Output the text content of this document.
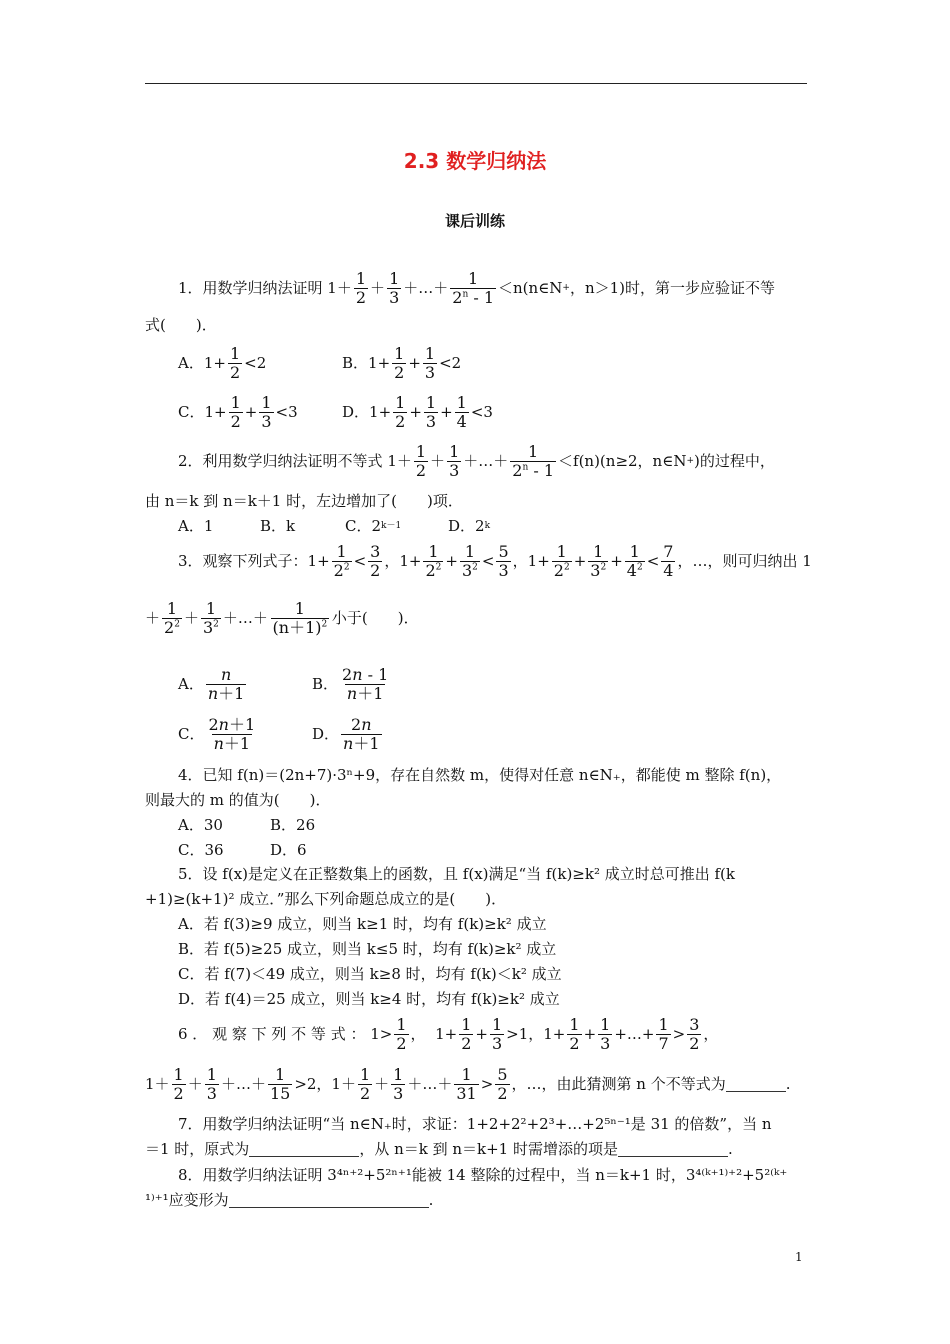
2.3 数学归纳法
课后训练
1．用数学归纳法证明 1＋
1
2 ＋
1
3 ＋…＋
1
2$^n$ - 1 ＜n(n∈N + ，n＞1)时，第一步应验证不等
式(　　)．
A．$1+ \frac{1}{2} <2$	B．$1+ \frac{1}{2}$ +
1
3 <2
C．$1+ \frac{1}{2}$ +
1
3 <3	D．$1+ \frac{1}{2}$ +
1
3 +
1
4 <3
2．利用数学归纳法证明不等式 1＋
1
2 ＋
1
3 ＋…＋
1
2$^n$ - 1 ＜f(n)(n≥2，n∈N + )的过程中，
由 n＝k 到 n＝k＋1 时，左边增加了(　　)项．
A．1	B．k	C．2 k－1	D．2 k
3．观察下列式子：$1+ \frac{1}{2^2}$ <
3
2 ，1+
1
$2^2$ +
1
$3^2$ <
5
3 ，1+
1
$2^2$ +
1
$3^2$ +
1
$4^2$ <
7
4 ，…，则可归纳出 1
＋
1
$2^2$ ＋
1
$3^2$ ＋…＋
1
$(n+1)^2$ 小于(　　)．
A．
n
n＋1	B．
2n - 1
n＋1
C．
2n＋1
n＋1	D．
2n
n＋1
4．已知 f(n)＝(2n+7)·3ⁿ+9，存在自然数 m，使得对任意 n∈N₊，都能使 m 整除 f(n)，
则最大的 m 的值为(　　)．
A．30	B．26
C．36	D．6
5．设 f(x)是定义在正整数集上的函数，且 f(x)满足“当 f(k)≥k² 成立时总可推出 f(k
+1)≥(k+1)² 成立．”那么下列命题总成立的是(　　)．
A．若 f(3)≥9 成立，则当 k≥1 时，均有 f(k)≥k² 成立
B．若 f(5)≥25 成立，则当 k≤5 时，均有 f(k)≥k² 成立
C．若 f(7)＜49 成立，则当 k≥8 时，均有 f(k)＜k² 成立
D．若 f(4)＝25 成立，则当 k≥4 时，均有 f(k)≥k² 成立
6 ． 观 察 下 列 不 等 式 ： 1>
1
2 ，  1+
1
2 +
1
3 >1，1+
1
2 +
1
3 +…+
1
7 >
3
2 ，
1＋
1
2 ＋
1
3 ＋…＋
1
15 >2，1＋
1
2 ＋
1
3 ＋…＋
1
31 >
5
2 ，…，由此猜测第 n 个不等式为	.
7．用数学归纳法证明“当 n∈N₊时，求证：1+2+2²+2³+…+2⁵ⁿ⁻¹是 31 的倍数”，当 n
＝1 时，原式为	，从 n＝k 到 n＝k+1 时需增添的项是	.
8．用数学归纳法证明 3⁴ⁿ⁺²+5²ⁿ⁺¹能被 14 整除的过程中，当 n＝k+1 时，3⁴⁽ᵏ⁺¹⁾⁺²+5²⁽ᵏ⁺
¹⁾⁺¹应变形为	.
1
